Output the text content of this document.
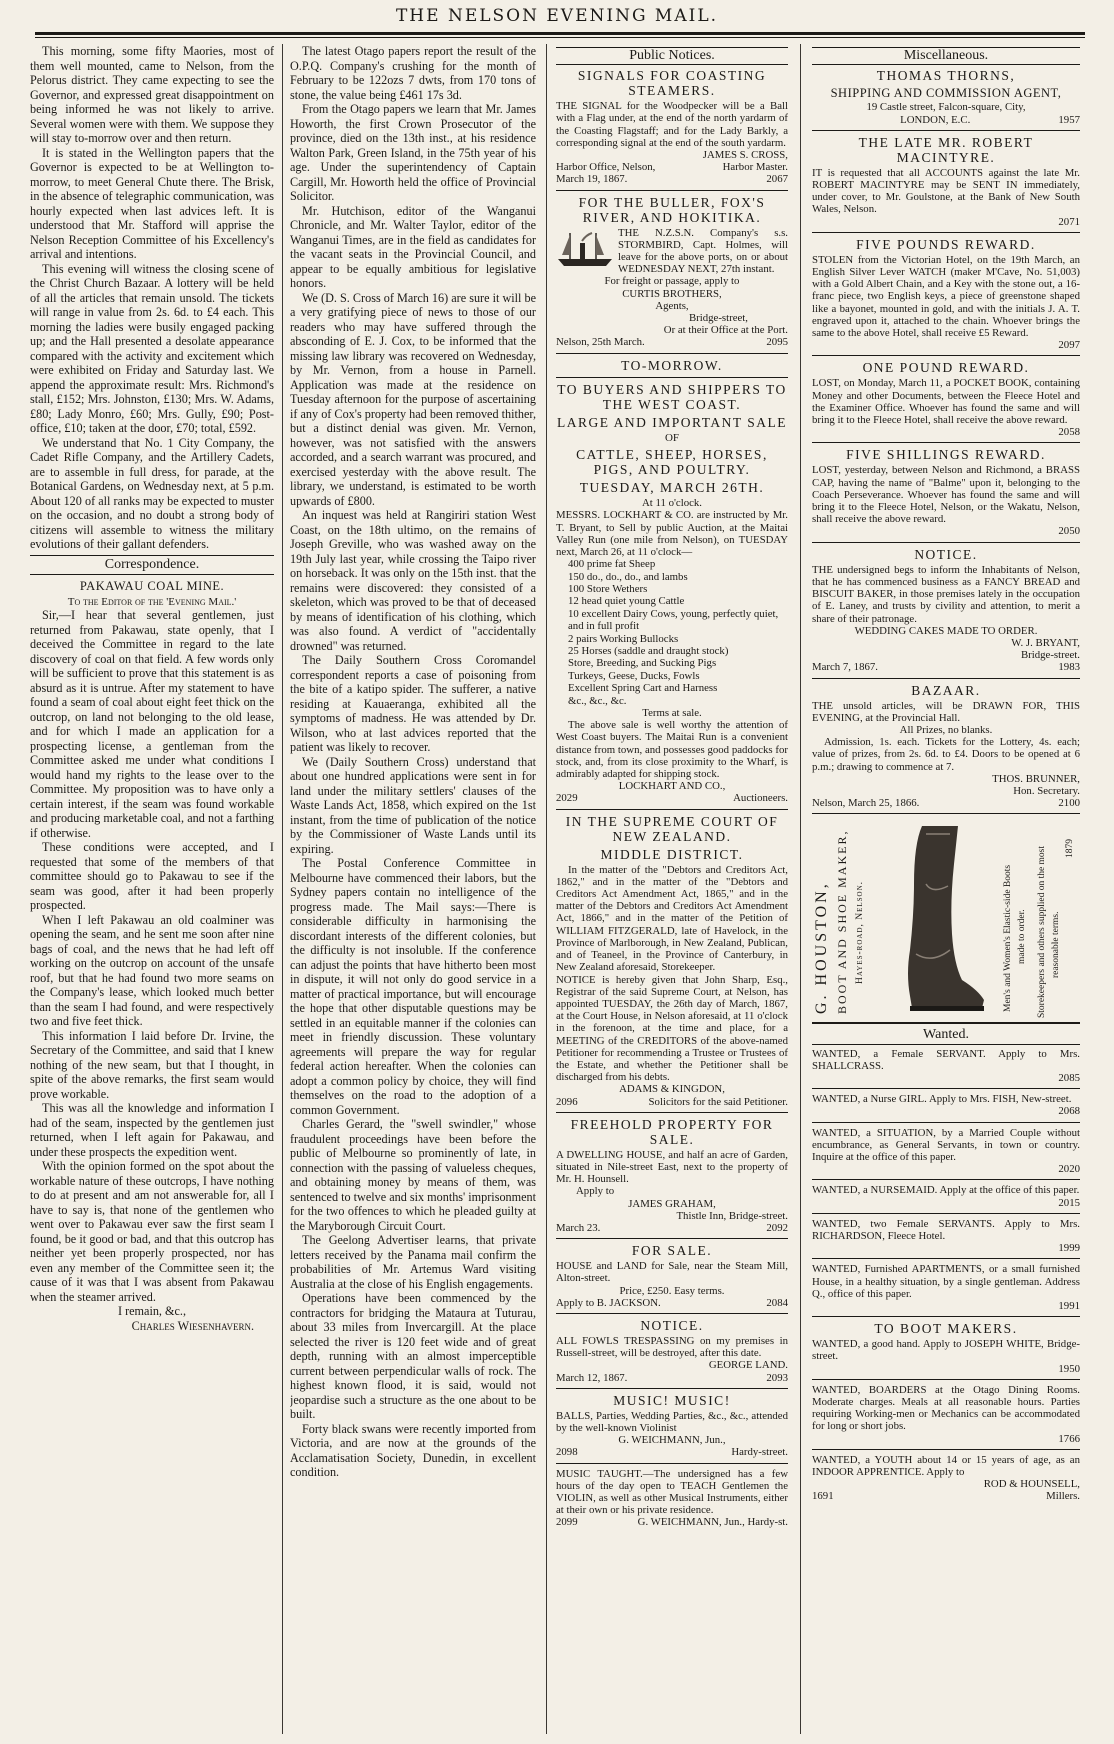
THE NELSON EVENING MAIL.

This morning, some fifty Maories, most of them well mounted, came to Nelson, from the Pelorus district. They came expecting to see the Governor, and expressed great disappointment on being informed he was not likely to arrive. Several women were with them. We suppose they will stay to-morrow over and then return.

It is stated in the Wellington papers that the Governor is expected to be at Wellington to-morrow, to meet General Chute there. The Brisk, in the absence of telegraphic communication, was hourly expected when last advices left. It is understood that Mr. Stafford will apprise the Nelson Reception Committee of his Excellency's arrival and intentions.

This evening will witness the closing scene of the Christ Church Bazaar. A lottery will be held of all the articles that remain unsold. The tickets will range in value from 2s. 6d. to £4 each. This morning the ladies were busily engaged packing up; and the Hall presented a desolate appearance compared with the activity and excitement which were exhibited on Friday and Saturday last. We append the approximate result: Mrs. Richmond's stall, £152; Mrs. Johnston, £130; Mrs. W. Adams, £80; Lady Monro, £60; Mrs. Gully, £90; Post-office, £10; taken at the door, £70; total, £592.

We understand that No. 1 City Company, the Cadet Rifle Company, and the Artillery Cadets, are to assemble in full dress, for parade, at the Botanical Gardens, on Wednesday next, at 5 p.m. About 120 of all ranks may be expected to muster on the occasion, and no doubt a strong body of citizens will assemble to witness the military evolutions of their gallant defenders.

Correspondence.
PAKAWAU COAL MINE.

To the Editor of the 'Evening Mail.'

Sir,—I hear that several gentlemen, just returned from Pakawau, state openly, that I deceived the Committee in regard to the late discovery of coal on that field. A few words only will be sufficient to prove that this statement is as absurd as it is untrue. After my statement to have found a seam of coal about eight feet thick on the outcrop, on land not belonging to the old lease, and for which I made an application for a prospecting license, a gentleman from the Committee asked me under what conditions I would hand my rights to the lease over to the Committee. My proposition was to have only a certain interest, if the seam was found workable and producing marketable coal, and not a farthing if otherwise.

These conditions were accepted, and I requested that some of the members of that committee should go to Pakawau to see if the seam was good, after it had been properly prospected.

When I left Pakawau an old coalminer was opening the seam, and he sent me soon after nine bags of coal, and the news that he had left off working on the outcrop on account of the unsafe roof, but that he had found two more seams on the Company's lease, which looked much better than the seam I had found, and were respectively two and five feet thick.

This information I laid before Dr. Irvine, the Secretary of the Committee, and said that I knew nothing of the new seam, but that I thought, in spite of the above remarks, the first seam would prove workable.

This was all the knowledge and information I had of the seam, inspected by the gentlemen just returned, when I left again for Pakawau, and under these prospects the expedition went.

With the opinion formed on the spot about the workable nature of these outcrops, I have nothing to do at present and am not answerable for, all I have to say is, that none of the gentlemen who went over to Pakawau ever saw the first seam I found, be it good or bad, and that this outcrop has neither yet been properly prospected, nor has even any member of the Committee seen it; the cause of it was that I was absent from Pakawau when the steamer arrived.

I remain, &c.,

Charles Wiesenhavern.

The latest Otago papers report the result of the O.P.Q. Company's crushing for the month of February to be 122ozs 7 dwts, from 170 tons of stone, the value being £461 17s 3d.

From the Otago papers we learn that Mr. James Howorth, the first Crown Prosecutor of the province, died on the 13th inst., at his residence Walton Park, Green Island, in the 75th year of his age. Under the superintendency of Captain Cargill, Mr. Howorth held the office of Provincial Solicitor.

Mr. Hutchison, editor of the Wanganui Chronicle, and Mr. Walter Taylor, editor of the Wanganui Times, are in the field as candidates for the vacant seats in the Provincial Council, and appear to be equally ambitious for legislative honors.

We (D. S. Cross of March 16) are sure it will be a very gratifying piece of news to those of our readers who may have suffered through the absconding of E. J. Cox, to be informed that the missing law library was recovered on Wednesday, by Mr. Vernon, from a house in Parnell. Application was made at the residence on Tuesday afternoon for the purpose of ascertaining if any of Cox's property had been removed thither, but a distinct denial was given. Mr. Vernon, however, was not satisfied with the answers accorded, and a search warrant was procured, and exercised yesterday with the above result. The library, we understand, is estimated to be worth upwards of £800.

An inquest was held at Rangiriri station West Coast, on the 18th ultimo, on the remains of Joseph Greville, who was washed away on the 19th July last year, while crossing the Taipo river on horseback. It was only on the 15th inst. that the remains were discovered: they consisted of a skeleton, which was proved to be that of deceased by means of identification of his clothing, which was also found. A verdict of "accidentally drowned" was returned.

The Daily Southern Cross Coromandel correspondent reports a case of poisoning from the bite of a katipo spider. The sufferer, a native residing at Kauaeranga, exhibited all the symptoms of madness. He was attended by Dr. Wilson, who at last advices reported that the patient was likely to recover.

We (Daily Southern Cross) understand that about one hundred applications were sent in for land under the military settlers' clauses of the Waste Lands Act, 1858, which expired on the 1st instant, from the time of publication of the notice by the Commissioner of Waste Lands until its expiring.

The Postal Conference Committee in Melbourne have commenced their labors, but the Sydney papers contain no intelligence of the progress made. The Mail says:—There is considerable difficulty in harmonising the discordant interests of the different colonies, but the difficulty is not insoluble. If the conference can adjust the points that have hitherto been most in dispute, it will not only do good service in a matter of practical importance, but will encourage the hope that other disputable questions may be settled in an equitable manner if the colonies can meet in friendly discussion. These voluntary agreements will prepare the way for regular federal action hereafter. When the colonies can adopt a common policy by choice, they will find themselves on the road to the adoption of a common Government.

Charles Gerard, the "swell swindler," whose fraudulent proceedings have been before the public of Melbourne so prominently of late, in connection with the passing of valueless cheques, and obtaining money by means of them, was sentenced to twelve and six months' imprisonment for the two offences to which he pleaded guilty at the Maryborough Circuit Court.

The Geelong Advertiser learns, that private letters received by the Panama mail confirm the probabilities of Mr. Artemus Ward visiting Australia at the close of his English engagements.

Operations have been commenced by the contractors for bridging the Mataura at Tuturau, about 33 miles from Invercargill. At the place selected the river is 120 feet wide and of great depth, running with an almost imperceptible current between perpendicular walls of rock. The highest known flood, it is said, would not jeopardise such a structure as the one about to be built.

Forty black swans were recently imported from Victoria, and are now at the grounds of the Acclamatisation Society, Dunedin, in excellent condition.

Public Notices.
SIGNALS FOR COASTING STEAMERS.

THE SIGNAL for the Woodpecker will be a Ball with a Flag under, at the end of the north yardarm of the Coasting Flagstaff; and for the Lady Barkly, a corresponding signal at the end of the south yardarm.

JAMES S. CROSS,

Harbor Office, Nelson,	Harbor Master.
March 19, 1867.	2067
FOR THE BULLER, FOX'S RIVER, AND HOKITIKA.

THE N.Z.S.N. Company's s.s. STORMBIRD, Capt. Holmes, will leave for the above ports, on or about WEDNESDAY NEXT, 27th instant.

For freight or passage, apply to

CURTIS BROTHERS,

Agents,

Bridge-street,

Or at their Office at the Port.

Nelson, 25th March.	2095
TO-MORROW.
TO BUYERS AND SHIPPERS TO THE WEST COAST.
LARGE AND IMPORTANT SALE

OF

CATTLE, SHEEP, HORSES, PIGS, AND POULTRY.
TUESDAY, MARCH 26TH.

At 11 o'clock.

MESSRS. LOCKHART & CO. are instructed by Mr. T. Bryant, to Sell by public Auction, at the Maitai Valley Run (one mile from Nelson), on TUESDAY next, March 26, at 11 o'clock—

400 prime fat Sheep
150 do., do., do., and lambs
100 Store Wethers
12 head quiet young Cattle
10 excellent Dairy Cows, young, perfectly quiet, and in full profit
2 pairs Working Bullocks
25 Horses (saddle and draught stock)
Store, Breeding, and Sucking Pigs
Turkeys, Geese, Ducks, Fowls
Excellent Spring Cart and Harness
&c., &c., &c.

Terms at sale.

The above sale is well worthy the attention of West Coast buyers. The Maitai Run is a convenient distance from town, and possesses good paddocks for stock, and, from its close proximity to the Wharf, is admirably adapted for shipping stock.

LOCKHART AND CO.,

2029	Auctioneers.
IN THE SUPREME COURT OF NEW ZEALAND.
MIDDLE DISTRICT.

In the matter of the "Debtors and Creditors Act, 1862," and in the matter of the "Debtors and Creditors Act Amendment Act, 1865," and in the matter of the Debtors and Creditors Act Amendment Act, 1866," and in the matter of the Petition of WILLIAM FITZGERALD, late of Havelock, in the Province of Marlborough, in New Zealand, Publican, and of Teaneel, in the Province of Canterbury, in New Zealand aforesaid, Storekeeper.

NOTICE is hereby given that John Sharp, Esq., Registrar of the said Supreme Court, at Nelson, has appointed TUESDAY, the 26th day of March, 1867, at the Court House, in Nelson aforesaid, at 11 o'clock in the forenoon, at the time and place, for a MEETING of the CREDITORS of the above-named Petitioner for recommending a Trustee or Trustees of the Estate, and whether the Petitioner shall be discharged from his debts.

ADAMS & KINGDON,

2096	Solicitors for the said Petitioner.
FREEHOLD PROPERTY FOR SALE.

A DWELLING HOUSE, and half an acre of Garden, situated in Nile-street East, next to the property of Mr. H. Hounsell.

Apply to

JAMES GRAHAM,

Thistle Inn, Bridge-street.

March 23.	2092
FOR SALE.

HOUSE and LAND for Sale, near the Steam Mill, Alton-street.

Price, £250. Easy terms.

Apply to B. JACKSON.	2084
NOTICE.

ALL FOWLS TRESPASSING on my premises in Russell-street, will be destroyed, after this date.

GEORGE LAND.

March 12, 1867.	2093
MUSIC! MUSIC!

BALLS, Parties, Wedding Parties, &c., &c., attended by the well-known Violinist

G. WEICHMANN, Jun.,

2098	Hardy-street.

MUSIC TAUGHT.—The undersigned has a few hours of the day open to TEACH Gentlemen the VIOLIN, as well as other Musical Instruments, either at their own or his private residence.

2099	G. WEICHMANN, Jun., Hardy-st.
Miscellaneous.
THOMAS THORNS,
SHIPPING AND COMMISSION AGENT,

19 Castle street, Falcon-square, City,

LONDON, E.C.	1957
THE LATE MR. ROBERT MACINTYRE.

IT is requested that all ACCOUNTS against the late Mr. ROBERT MACINTYRE may be SENT IN immediately, under cover, to Mr. Goulstone, at the Bank of New South Wales, Nelson.

2071

FIVE POUNDS REWARD.

STOLEN from the Victorian Hotel, on the 19th March, an English Silver Lever WATCH (maker M'Cave, No. 51,003) with a Gold Albert Chain, and a Key with the stone out, a 16-franc piece, two English keys, a piece of greenstone shaped like a bayonet, mounted in gold, and with the initials J. A. T. engraved upon it, attached to the chain. Whoever brings the same to the above Hotel, shall receive £5 Reward.

2097

ONE POUND REWARD.

LOST, on Monday, March 11, a POCKET BOOK, containing Money and other Documents, between the Fleece Hotel and the Examiner Office. Whoever has found the same and will bring it to the Fleece Hotel, shall receive the above reward.

2058

FIVE SHILLINGS REWARD.

LOST, yesterday, between Nelson and Richmond, a BRASS CAP, having the name of "Balme" upon it, belonging to the Coach Perseverance. Whoever has found the same and will bring it to the Fleece Hotel, Nelson, or the Wakatu, Nelson, shall receive the above reward.

2050

NOTICE.

THE undersigned begs to inform the Inhabitants of Nelson, that he has commenced business as a FANCY BREAD and BISCUIT BAKER, in those premises lately in the occupation of E. Laney, and trusts by civility and attention, to merit a share of their patronage.

WEDDING CAKES MADE TO ORDER.

W. J. BRYANT,

Bridge-street.

March 7, 1867.	1983
BAZAAR.

THE unsold articles, will be DRAWN FOR, THIS EVENING, at the Provincial Hall.

All Prizes, no blanks.

Admission, 1s. each. Tickets for the Lottery, 4s. each; value of prizes, from 2s. 6d. to £4. Doors to be opened at 6 p.m.; drawing to commence at 7.

THOS. BRUNNER,

Hon. Secretary.

Nelson, March 25, 1866.	2100
G. HOUSTON, BOOT AND SHOE MAKER, Hayes-road, Nelson.	Men's and Women's Elastic-side Boots made to order. Storekeepers and others supplied on the most reasonable terms.
1879
Wanted.

WANTED, a Female SERVANT. Apply to Mrs. SHALLCRASS.

2085

WANTED, a Nurse GIRL. Apply to Mrs. FISH, New-street.

2068

WANTED, a SITUATION, by a Married Couple without encumbrance, as General Servants, in town or country. Inquire at the office of this paper.

2020

WANTED, a NURSEMAID. Apply at the office of this paper.

2015

WANTED, two Female SERVANTS. Apply to Mrs. RICHARDSON, Fleece Hotel.

1999

WANTED, Furnished APARTMENTS, or a small furnished House, in a healthy situation, by a single gentleman. Address Q., office of this paper.

1991

TO BOOT MAKERS.

WANTED, a good hand. Apply to JOSEPH WHITE, Bridge-street.

1950

WANTED, BOARDERS at the Otago Dining Rooms. Moderate charges. Meals at all reasonable hours. Parties requiring Working-men or Mechanics can be accommodated for long or short jobs.

1766

WANTED, a YOUTH about 14 or 15 years of age, as an INDOOR APPRENTICE. Apply to

ROD & HOUNSELL,

1691	Millers.
